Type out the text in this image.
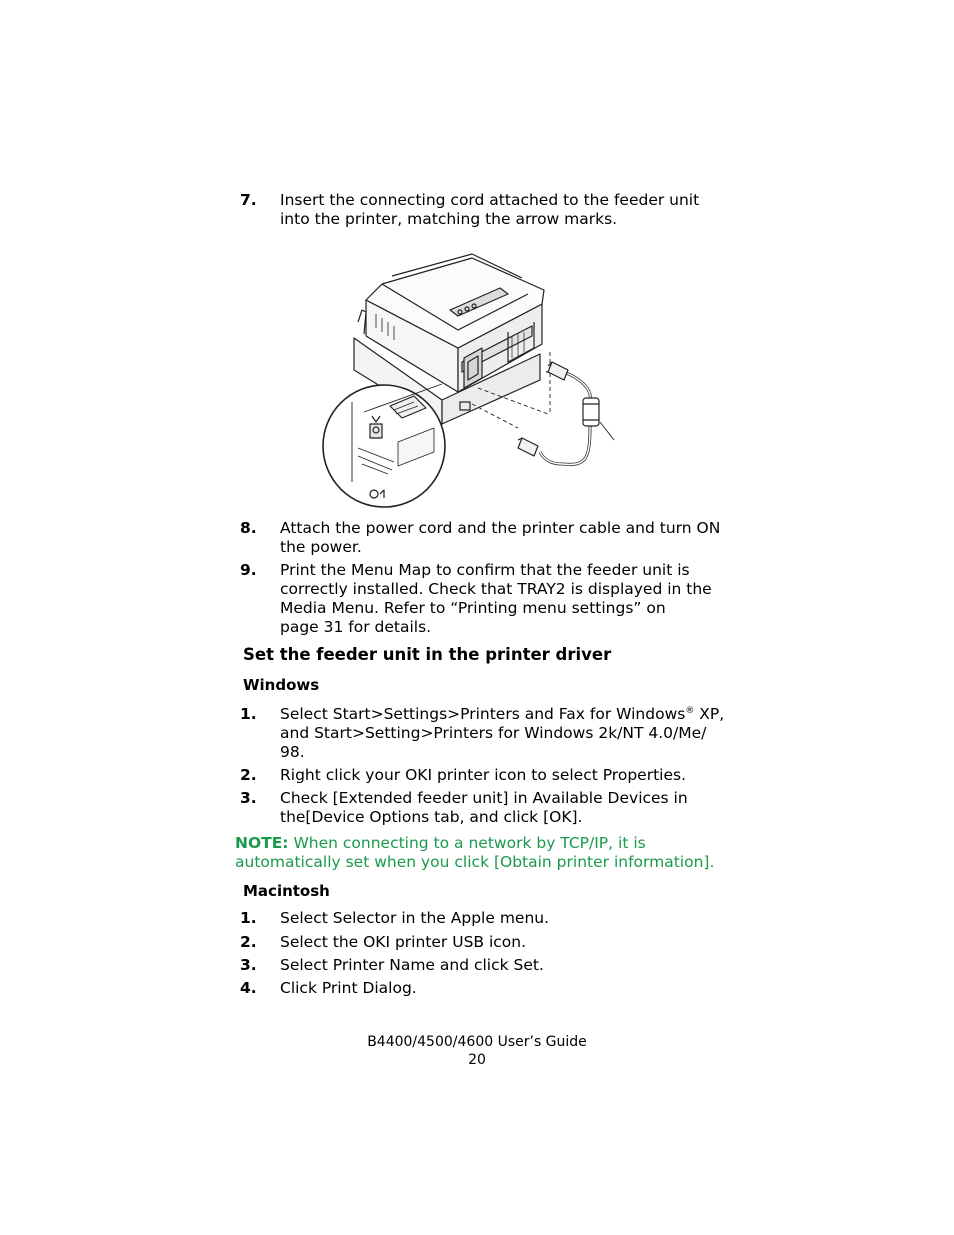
7. Insert the connecting cord attached to the feeder unit
into the printer, matching the arrow marks.
8. Attach the power cord and the printer cable and turn ON
the power.
9. Print the Menu Map to confirm that the feeder unit is
correctly installed. Check that TRAY2 is displayed in the
Media Menu. Refer to “Printing menu settings” on
page 31 for details.
Set the feeder unit in the printer driver
Windows
1. Select Start>Settings>Printers and Fax for Windows® XP,
and Start>Setting>Printers for Windows 2k/NT 4.0/Me/
98.
2. Right click your OKI printer icon to select Properties.
3. Check [Extended feeder unit] in Available Devices in
the[Device Options tab, and click [OK].
NOTE: When connecting to a network by TCP/IP, it is
automatically set when you click [Obtain printer information].
Macintosh
1. Select Selector in the Apple menu.
2. Select the OKI printer USB icon.
3. Select Printer Name and click Set.
4. Click Print Dialog.
B4400/4500/4600 User’s Guide
20
